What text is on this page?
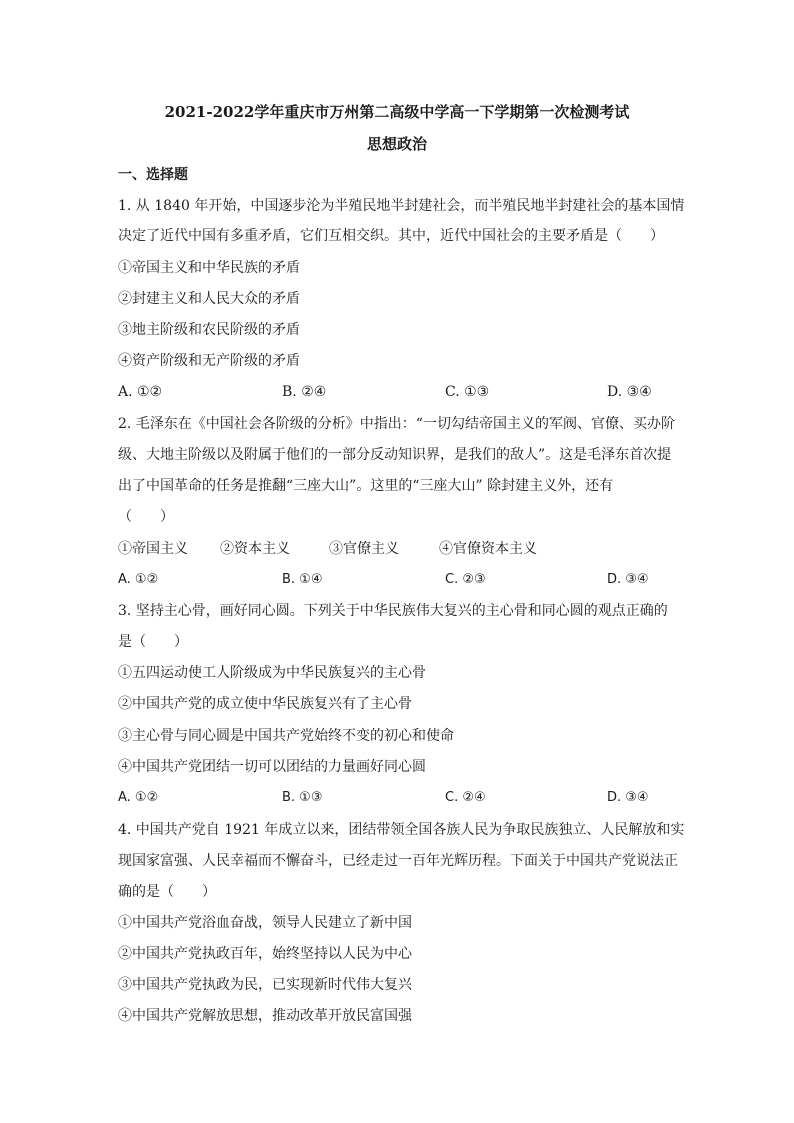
2021-2022学年重庆市万州第二高级中学高一下学期第一次检测考试
思想政治
一、选择题
1. 从 1840 年开始，中国逐步沦为半殖民地半封建社会，而半殖民地半封建社会的基本国情
决定了近代中国有多重矛盾，它们互相交织。其中，近代中国社会的主要矛盾是（　　）
①帝国主义和中华民族的矛盾
②封建主义和人民大众的矛盾
③地主阶级和农民阶级的矛盾
④资产阶级和无产阶级的矛盾
A. ①②	B. ②④	C. ①③	D. ③④
2. 毛泽东在《中国社会各阶级的分析》中指出：“一切勾结帝国主义的军阀、官僚、买办阶
级、大地主阶级以及附属于他们的一部分反动知识界，是我们的敌人”。这是毛泽东首次提
出了中国革命的任务是推翻“三座大山”。这里的“三座大山” 除封建主义外，还有
（　　）
①帝国主义 ②资本主义	③官僚主义	④官僚资本主义
A. ①②	B. ①④	C. ②③	D. ③④
3. 坚持主心骨，画好同心圆。下列关于中华民族伟大复兴的主心骨和同心圆的观点正确的
是（　　）
①五四运动使工人阶级成为中华民族复兴的主心骨
②中国共产党的成立使中华民族复兴有了主心骨
③主心骨与同心圆是中国共产党始终不变的初心和使命
④中国共产党团结一切可以团结的力量画好同心圆
A. ①②	B. ①③	C. ②④	D. ③④
4. 中国共产党自 1921 年成立以来，团结带领全国各族人民为争取民族独立、人民解放和实
现国家富强、人民幸福而不懈奋斗，已经走过一百年光辉历程。下面关于中国共产党说法正
确的是（　　）
①中国共产党浴血奋战，领导人民建立了新中国
②中国共产党执政百年，始终坚持以人民为中心
③中国共产党执政为民，已实现新时代伟大复兴
④中国共产党解放思想，推动改革开放民富国强
